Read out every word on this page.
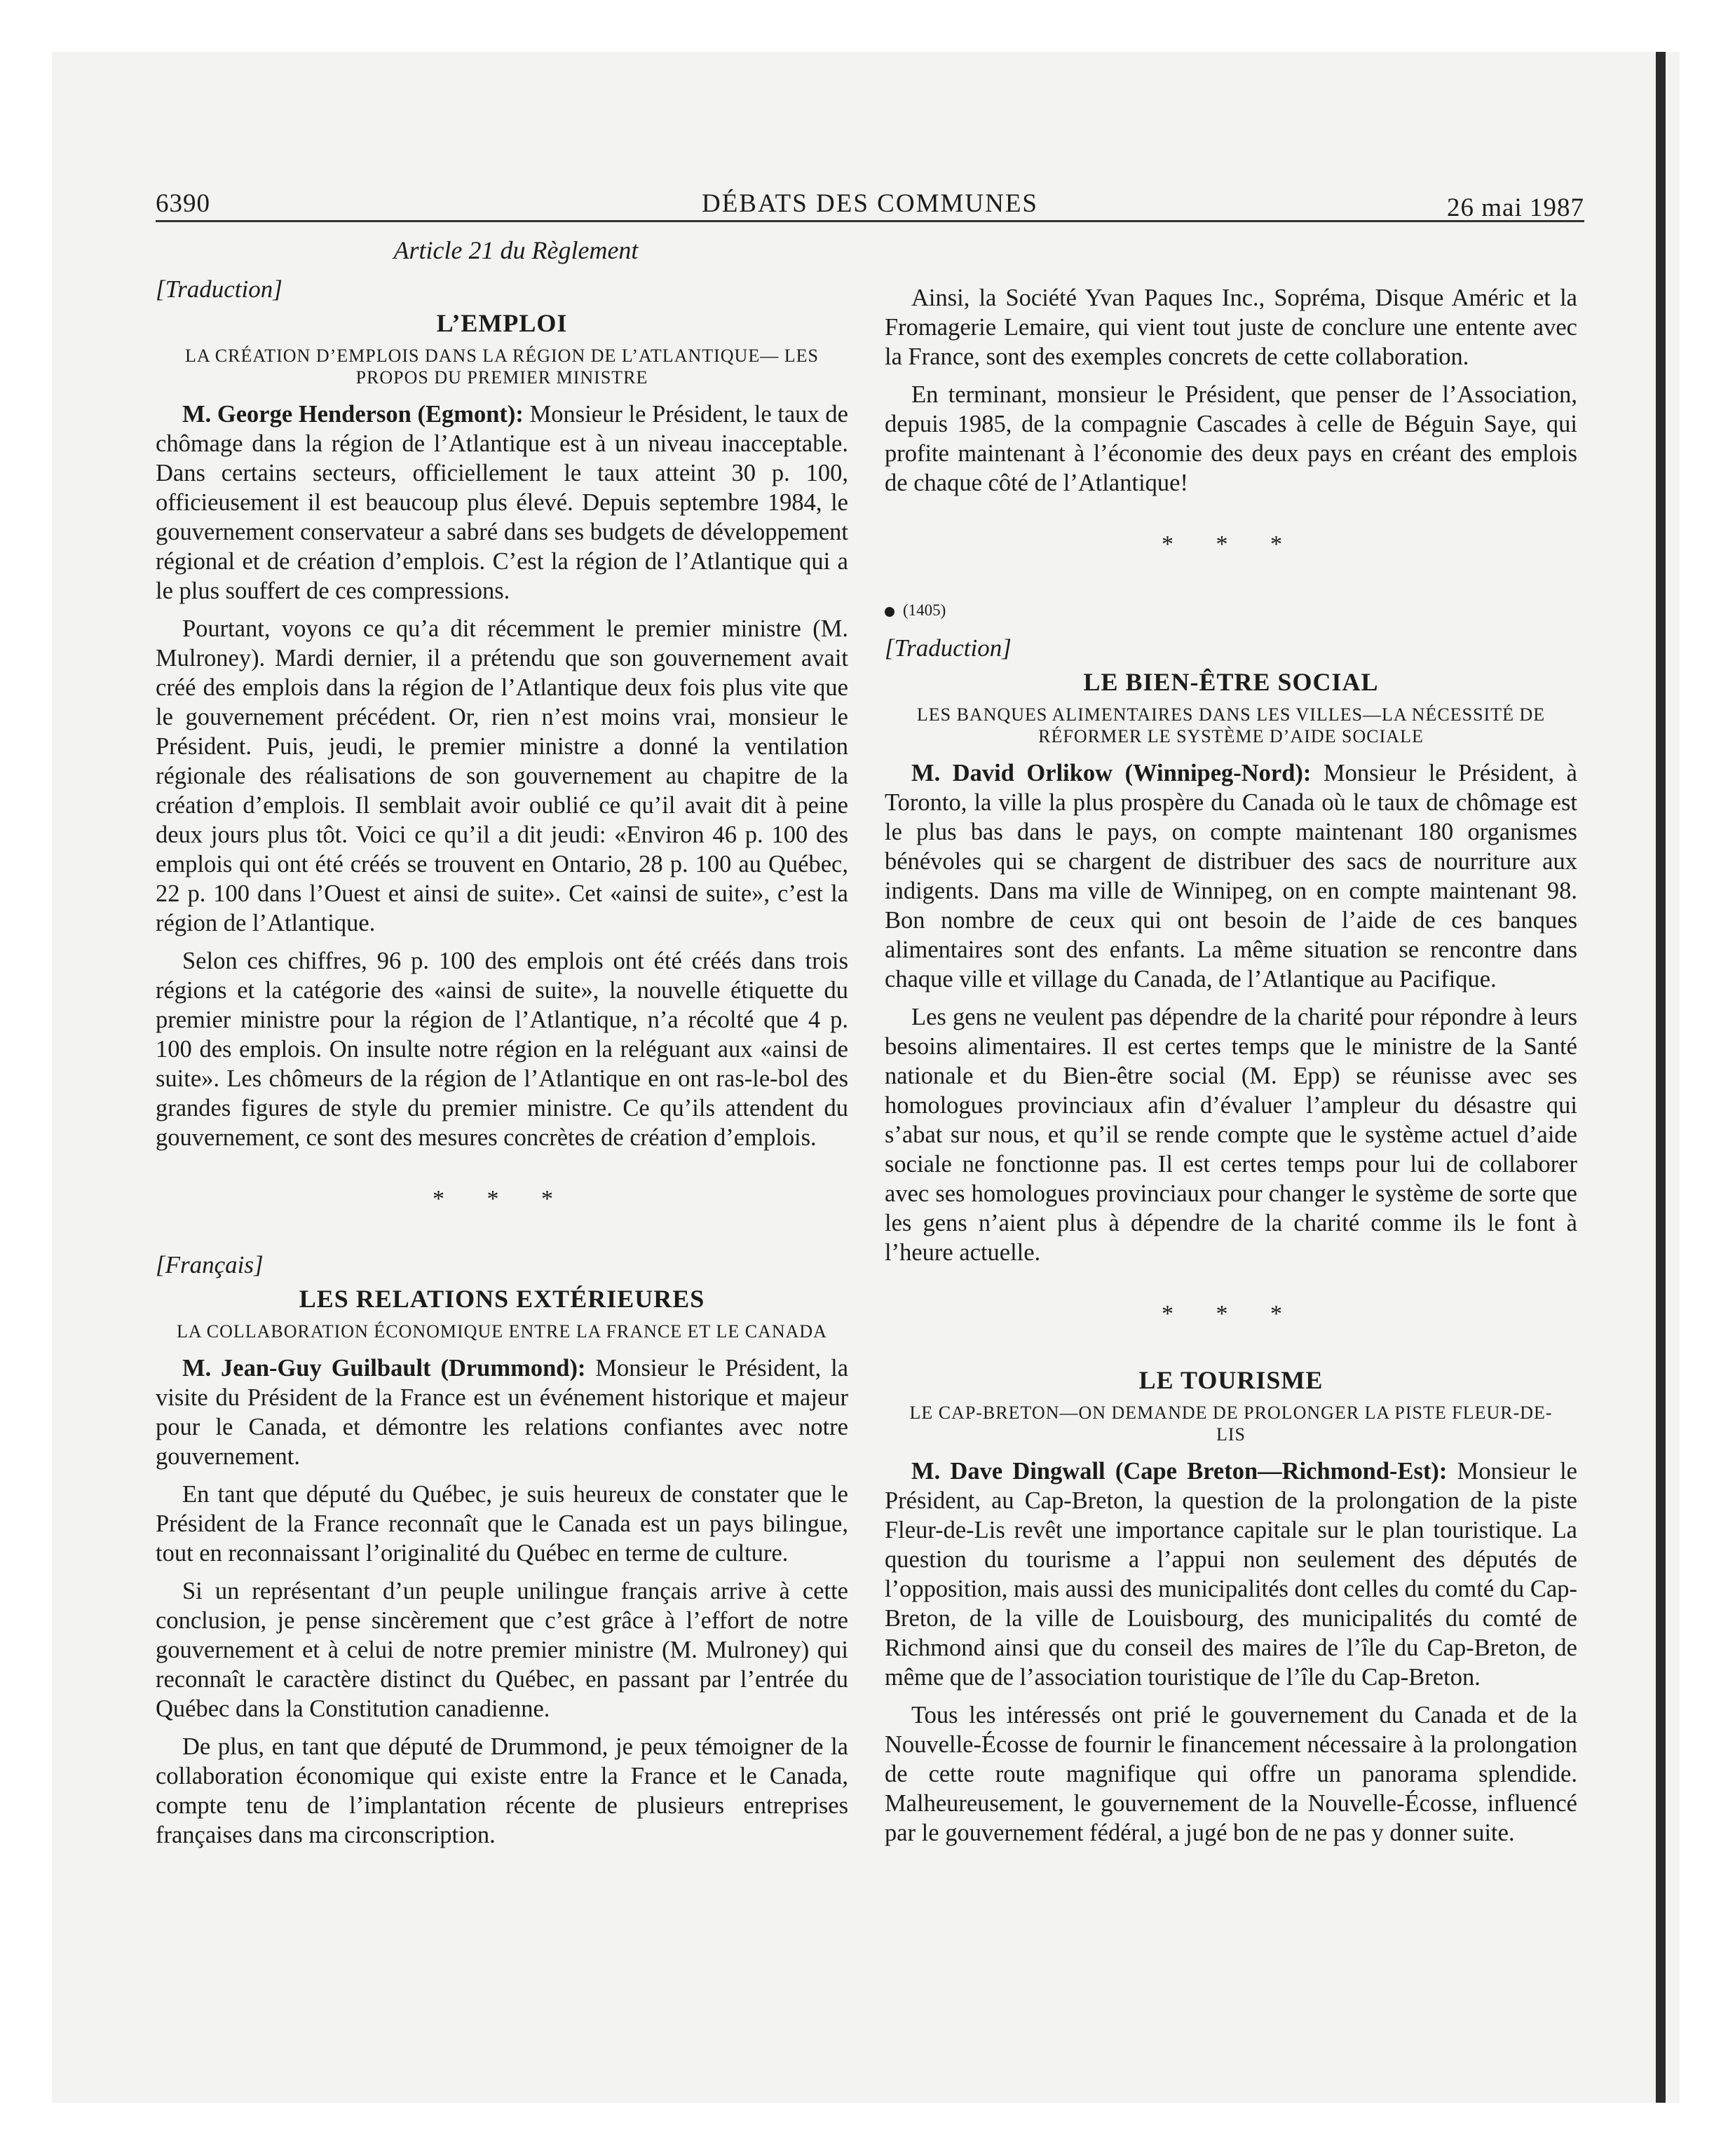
6390	DÉBATS DES COMMUNES	26 mai 1987
Article 21 du Règlement
[Traduction]
L’EMPLOI
LA CRÉATION D’EMPLOIS DANS LA RÉGION DE L’ATLANTIQUE— LES PROPOS DU PREMIER MINISTRE

M. George Henderson (Egmont): Monsieur le Président, le taux de chômage dans la région de l’Atlantique est à un niveau inacceptable. Dans certains secteurs, officiellement le taux atteint 30 p. 100, officieusement il est beaucoup plus élevé. Depuis septembre 1984, le gouvernement conservateur a sabré dans ses budgets de développement régional et de création d’emplois. C’est la région de l’Atlantique qui a le plus souffert de ces compressions.

Pourtant, voyons ce qu’a dit récemment le premier ministre (M. Mulroney). Mardi dernier, il a prétendu que son gouvernement avait créé des emplois dans la région de l’Atlantique deux fois plus vite que le gouvernement précédent. Or, rien n’est moins vrai, monsieur le Président. Puis, jeudi, le premier ministre a donné la ventilation régionale des réalisations de son gouvernement au chapitre de la création d’emplois. Il semblait avoir oublié ce qu’il avait dit à peine deux jours plus tôt. Voici ce qu’il a dit jeudi: «Environ 46 p. 100 des emplois qui ont été créés se trouvent en Ontario, 28 p. 100 au Québec, 22 p. 100 dans l’Ouest et ainsi de suite». Cet «ainsi de suite», c’est la région de l’Atlantique.

Selon ces chiffres, 96 p. 100 des emplois ont été créés dans trois régions et la catégorie des «ainsi de suite», la nouvelle étiquette du premier ministre pour la région de l’Atlantique, n’a récolté que 4 p. 100 des emplois. On insulte notre région en la reléguant aux «ainsi de suite». Les chômeurs de la région de l’Atlantique en ont ras-le-bol des grandes figures de style du premier ministre. Ce qu’ils attendent du gouvernement, ce sont des mesures concrètes de création d’emplois.

* * *
[Français]
LES RELATIONS EXTÉRIEURES
LA COLLABORATION ÉCONOMIQUE ENTRE LA FRANCE ET LE CANADA

M. Jean-Guy Guilbault (Drummond): Monsieur le Président, la visite du Président de la France est un événement historique et majeur pour le Canada, et démontre les relations confiantes avec notre gouvernement.

En tant que député du Québec, je suis heureux de constater que le Président de la France reconnaît que le Canada est un pays bilingue, tout en reconnaissant l’originalité du Québec en terme de culture.

Si un représentant d’un peuple unilingue français arrive à cette conclusion, je pense sincèrement que c’est grâce à l’effort de notre gouvernement et à celui de notre premier ministre (M. Mulroney) qui reconnaît le caractère distinct du Québec, en passant par l’entrée du Québec dans la Constitution canadienne.

De plus, en tant que député de Drummond, je peux témoigner de la collaboration économique qui existe entre la France et le Canada, compte tenu de l’implantation récente de plusieurs entreprises françaises dans ma circonscription.

Ainsi, la Société Yvan Paques Inc., Sopréma, Disque Améric et la Fromagerie Lemaire, qui vient tout juste de conclure une entente avec la France, sont des exemples concrets de cette collaboration.

En terminant, monsieur le Président, que penser de l’Association, depuis 1985, de la compagnie Cascades à celle de Béguin Saye, qui profite maintenant à l’économie des deux pays en créant des emplois de chaque côté de l’Atlantique!

* * *
(1405)
[Traduction]
LE BIEN-ÊTRE SOCIAL
LES BANQUES ALIMENTAIRES DANS LES VILLES—LA NÉCESSITÉ DE RÉFORMER LE SYSTÈME D’AIDE SOCIALE

M. David Orlikow (Winnipeg-Nord): Monsieur le Président, à Toronto, la ville la plus prospère du Canada où le taux de chômage est le plus bas dans le pays, on compte maintenant 180 organismes bénévoles qui se chargent de distribuer des sacs de nourriture aux indigents. Dans ma ville de Winnipeg, on en compte maintenant 98. Bon nombre de ceux qui ont besoin de l’aide de ces banques alimentaires sont des enfants. La même situation se rencontre dans chaque ville et village du Canada, de l’Atlantique au Pacifique.

Les gens ne veulent pas dépendre de la charité pour répondre à leurs besoins alimentaires. Il est certes temps que le ministre de la Santé nationale et du Bien-être social (M. Epp) se réunisse avec ses homologues provinciaux afin d’évaluer l’ampleur du désastre qui s’abat sur nous, et qu’il se rende compte que le système actuel d’aide sociale ne fonctionne pas. Il est certes temps pour lui de collaborer avec ses homologues provinciaux pour changer le système de sorte que les gens n’aient plus à dépendre de la charité comme ils le font à l’heure actuelle.

* * *
LE TOURISME
LE CAP-BRETON—ON DEMANDE DE PROLONGER LA PISTE FLEUR-DE-LIS

M. Dave Dingwall (Cape Breton—Richmond-Est): Monsieur le Président, au Cap-Breton, la question de la prolongation de la piste Fleur-de-Lis revêt une importance capitale sur le plan touristique. La question du tourisme a l’appui non seulement des députés de l’opposition, mais aussi des municipalités dont celles du comté du Cap-Breton, de la ville de Louisbourg, des municipalités du comté de Richmond ainsi que du conseil des maires de l’île du Cap-Breton, de même que de l’association touristique de l’île du Cap-Breton.

Tous les intéressés ont prié le gouvernement du Canada et de la Nouvelle-Écosse de fournir le financement nécessaire à la prolongation de cette route magnifique qui offre un panorama splendide. Malheureusement, le gouvernement de la Nouvelle-Écosse, influencé par le gouvernement fédéral, a jugé bon de ne pas y donner suite.
